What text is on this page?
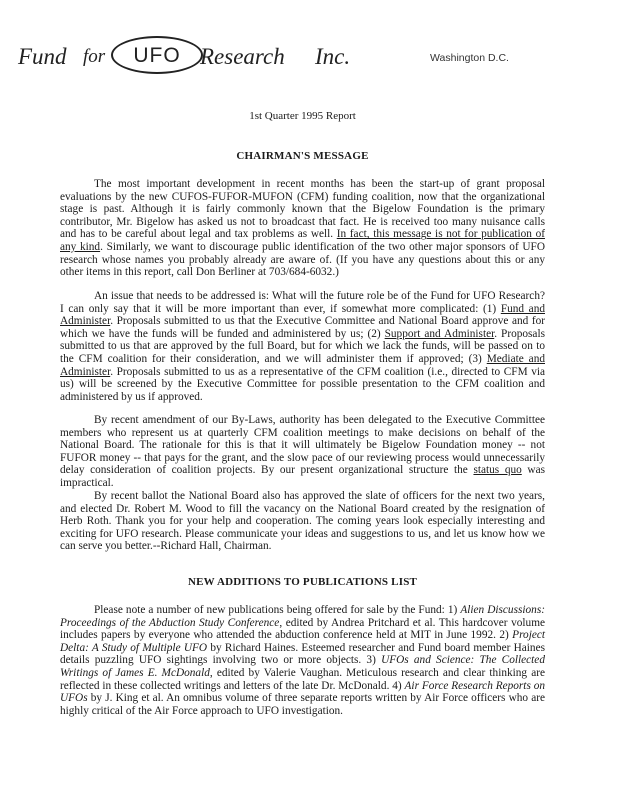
Fund for	UFO Research Inc.	Washington D.C.
1st Quarter 1995 Report
CHAIRMAN'S MESSAGE

The most important development in recent months has been the start-up of grant proposal evaluations by the new CUFOS-FUFOR-MUFON (CFM) funding coalition, now that the organizational stage is past. Although it is fairly commonly known that the Bigelow Foundation is the primary contributor, Mr. Bigelow has asked us not to broadcast that fact. He is received too many nuisance calls and has to be careful about legal and tax problems as well. In fact, this message is not for publication of any kind. Similarly, we want to discourage public identification of the two other major sponsors of UFO research whose names you probably already are aware of. (If you have any questions about this or any other items in this report, call Don Berliner at 703/684-6032.)

An issue that needs to be addressed is: What will the future role be of the Fund for UFO Research? I can only say that it will be more important than ever, if somewhat more complicated: (1) Fund and Administer. Proposals submitted to us that the Executive Committee and National Board approve and for which we have the funds will be funded and administered by us; (2) Support and Administer. Proposals submitted to us that are approved by the full Board, but for which we lack the funds, will be passed on to the CFM coalition for their consideration, and we will administer them if approved; (3) Mediate and Administer. Proposals submitted to us as a representative of the CFM coalition (i.e., directed to CFM via us) will be screened by the Executive Committee for possible presentation to the CFM coalition and administered by us if approved.

By recent amendment of our By-Laws, authority has been delegated to the Executive Committee members who represent us at quarterly CFM coalition meetings to make decisions on behalf of the National Board. The rationale for this is that it will ultimately be Bigelow Foundation money -- not FUFOR money -- that pays for the grant, and the slow pace of our reviewing process would unnecessarily delay consideration of coalition projects. By our present organizational structure the status quo was impractical.

By recent ballot the National Board also has approved the slate of officers for the next two years, and elected Dr. Robert M. Wood to fill the vacancy on the National Board created by the resignation of Herb Roth. Thank you for your help and cooperation. The coming years look especially interesting and exciting for UFO research. Please communicate your ideas and suggestions to us, and let us know how we can serve you better.--Richard Hall, Chairman.

NEW ADDITIONS TO PUBLICATIONS LIST

Please note a number of new publications being offered for sale by the Fund: 1) Alien Discussions: Proceedings of the Abduction Study Conference, edited by Andrea Pritchard et al. This hardcover volume includes papers by everyone who attended the abduction conference held at MIT in June 1992. 2) Project Delta: A Study of Multiple UFO by Richard Haines. Esteemed researcher and Fund board member Haines details puzzling UFO sightings involving two or more objects. 3) UFOs and Science: The Collected Writings of James E. McDonald, edited by Valerie Vaughan. Meticulous research and clear thinking are reflected in these collected writings and letters of the late Dr. McDonald. 4) Air Force Research Reports on UFOs by J. King et al. An omnibus volume of three separate reports written by Air Force officers who are highly critical of the Air Force approach to UFO investigation.
